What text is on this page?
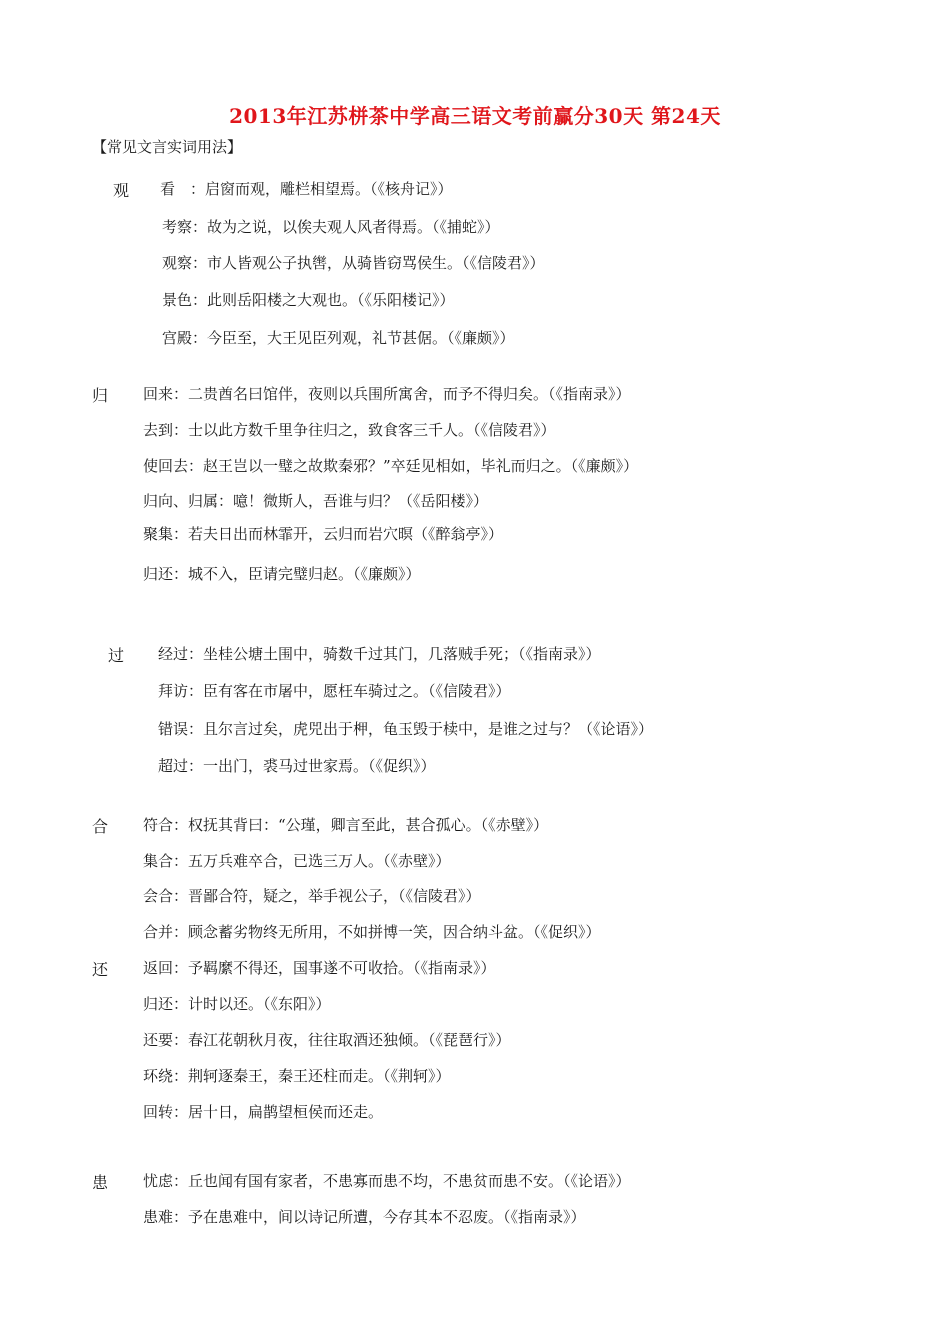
2013年江苏栟茶中学高三语文考前赢分30天 第24天
【常见文言实词用法】
观 看　：启窗而观，雕栏相望焉。（《核舟记》）
考察：故为之说，以俟夫观人风者得焉。（《捕蛇》）
观察：市人皆观公子执辔，从骑皆窃骂侯生。（《信陵君》）
景色：此则岳阳楼之大观也。（《乐阳楼记》）
宫殿：今臣至，大王见臣列观，礼节甚倨。（《廉颇》）
归 回来：二贵酋名曰馆伴，夜则以兵围所寓舍，而予不得归矣。（《指南录》）
去到：士以此方数千里争往归之，致食客三千人。（《信陵君》）
使回去：赵王岂以一璧之故欺秦邪？”卒廷见相如，毕礼而归之。（《廉颇》）
归向、归属：噫！微斯人，吾谁与归？（《岳阳楼》）
聚集：若夫日出而林霏开，云归而岩穴暝（《醉翁亭》）
归还：城不入，臣请完璧归赵。（《廉颇》）
过 经过：坐桂公塘土围中，骑数千过其门，几落贼手死；（《指南录》）
拜访：臣有客在市屠中，愿枉车骑过之。（《信陵君》）
错误：且尔言过矣，虎兕出于柙，龟玉毁于椟中，是谁之过与？（《论语》）
超过：一出门，裘马过世家焉。（《促织》）
合 符合：权抚其背曰：“公瑾，卿言至此，甚合孤心。（《赤壁》）
集合：五万兵难卒合，已选三万人。（《赤壁》）
会合：晋鄙合符，疑之，举手视公子，（《信陵君》）
合并：顾念蓄劣物终无所用，不如拼博一笑，因合纳斗盆。（《促织》）
还 返回：予羁縻不得还，国事遂不可收拾。（《指南录》）
归还：计时以还。（《东阳》）
还要：春江花朝秋月夜，往往取酒还独倾。（《琵琶行》）
环绕：荆轲逐秦王，秦王还柱而走。（《荆轲》）
回转：居十日，扁鹊望桓侯而还走。
患 忧虑：丘也闻有国有家者，不患寡而患不均，不患贫而患不安。（《论语》）
患难：予在患难中，间以诗记所遭，今存其本不忍废。（《指南录》）
